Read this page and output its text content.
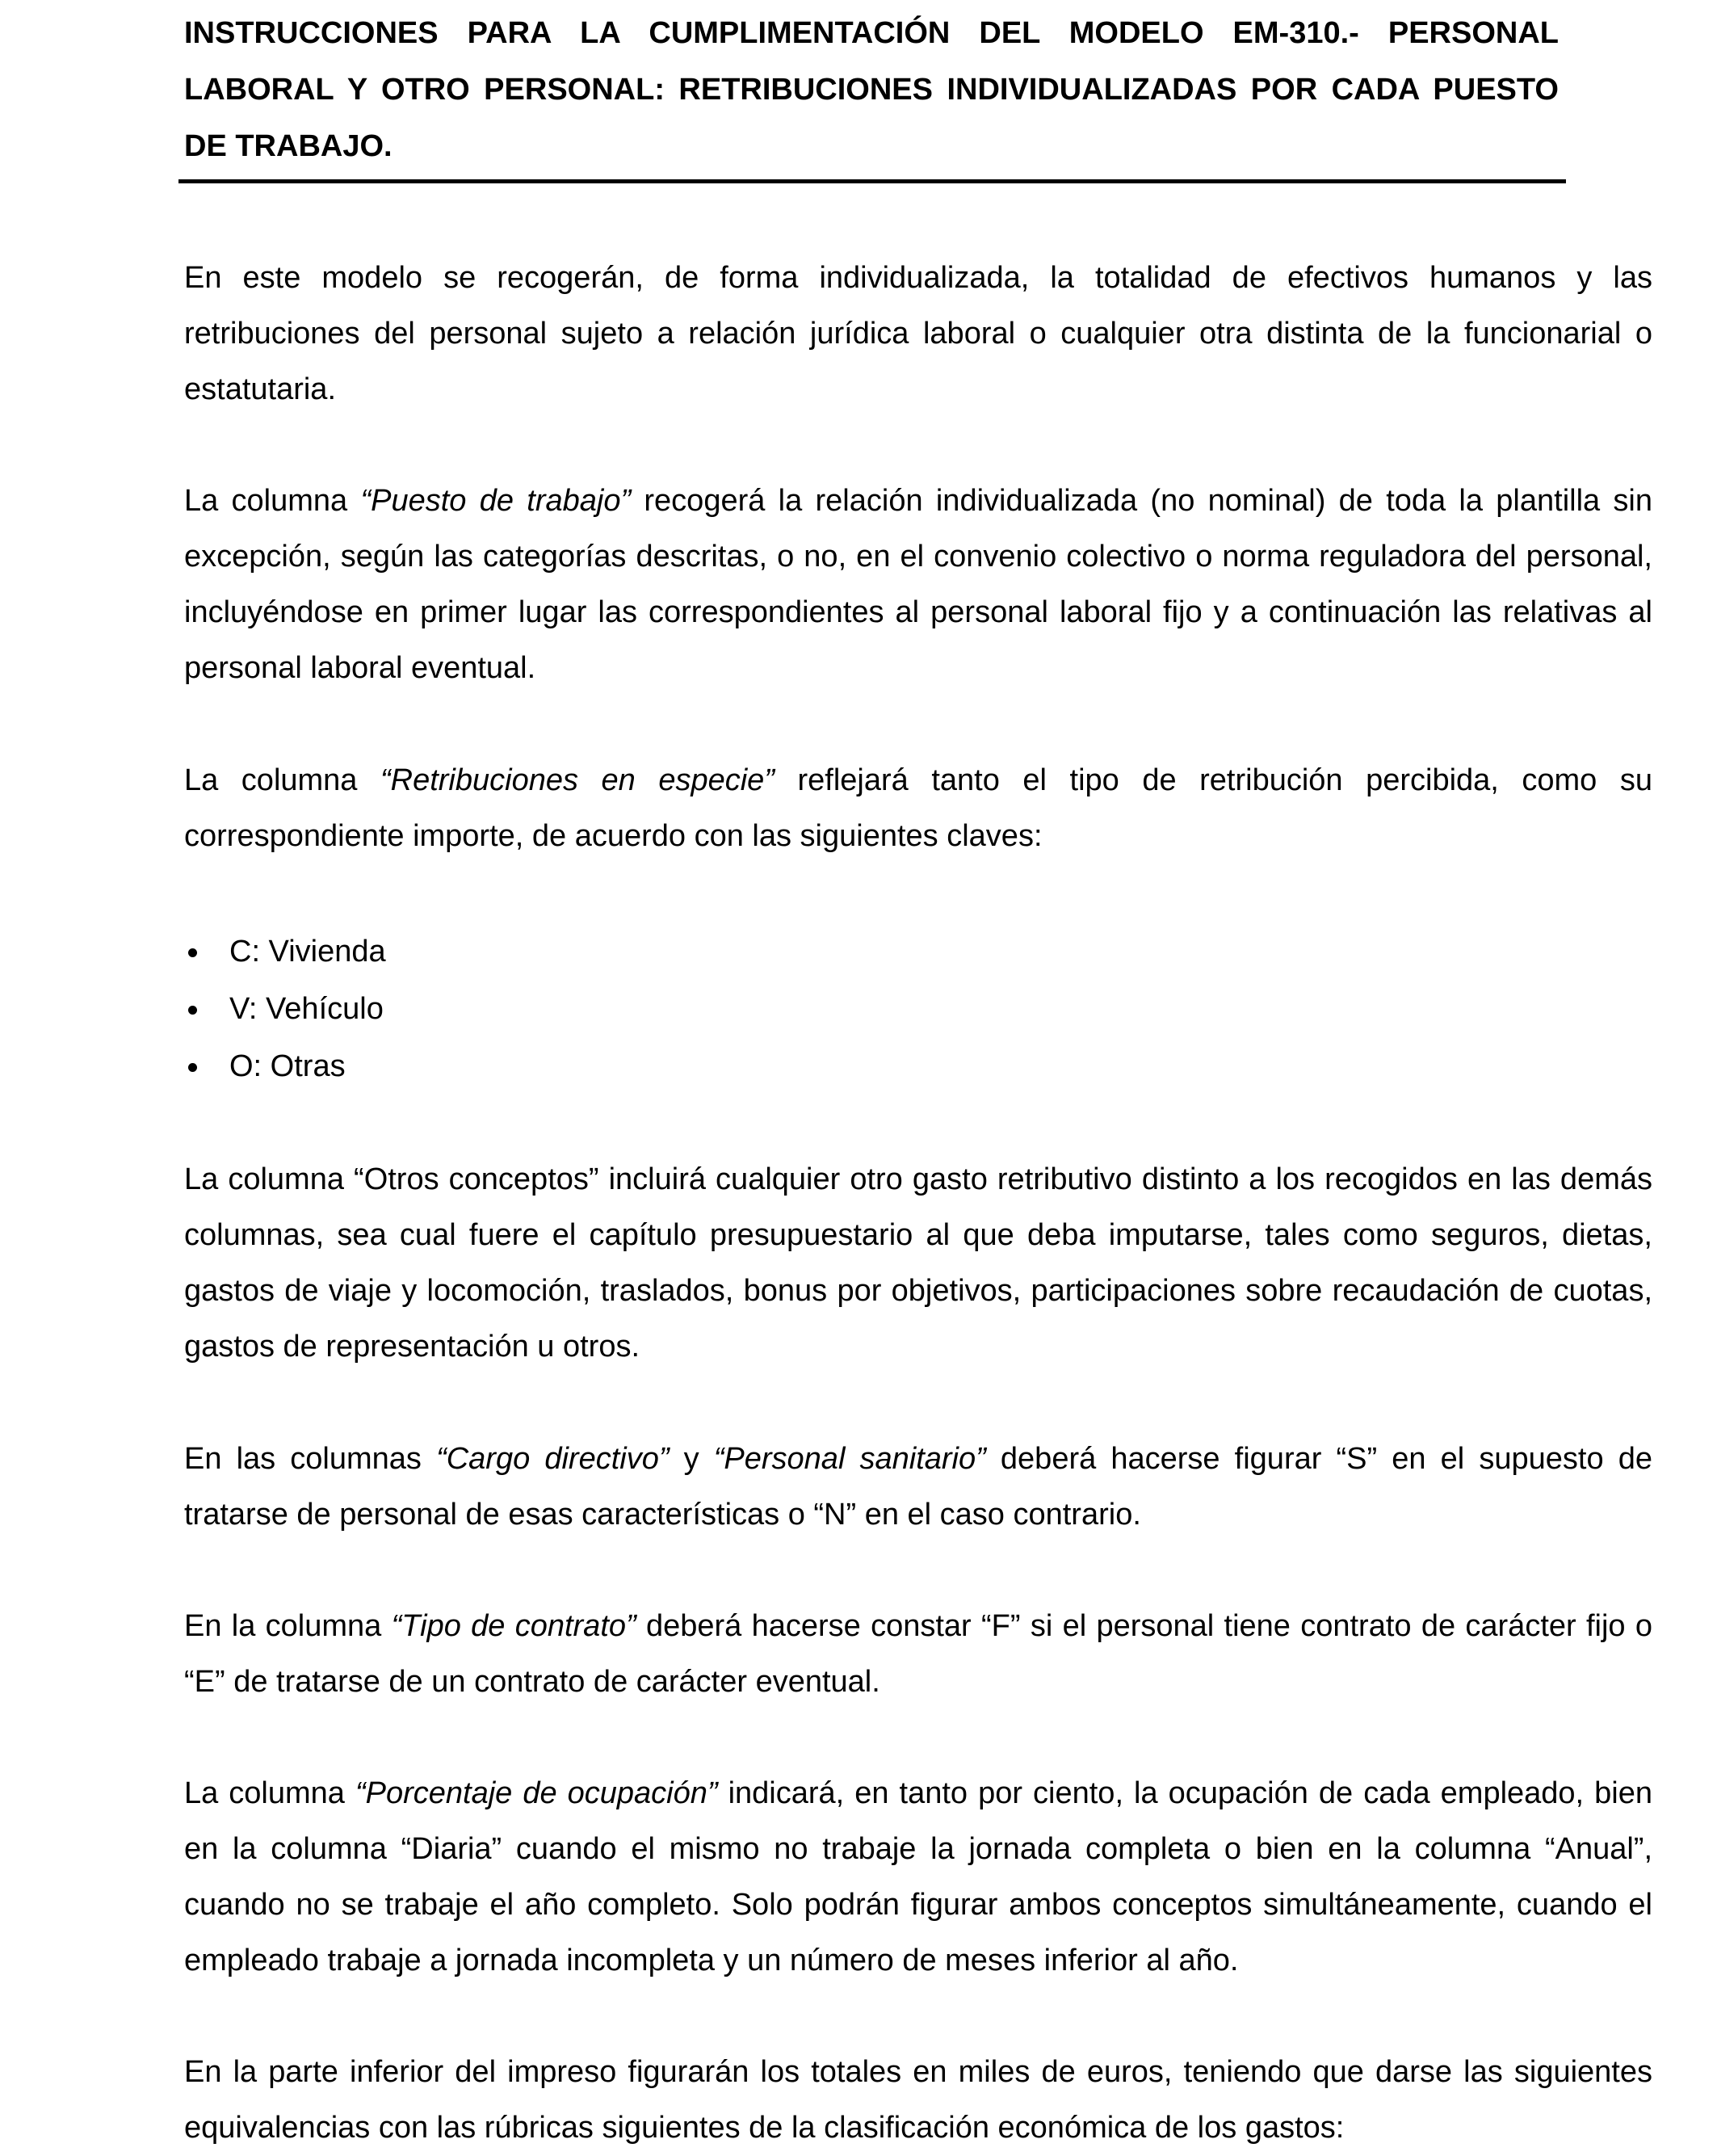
INSTRUCCIONES PARA LA CUMPLIMENTACIÓN DEL MODELO EM-310.- PERSONAL LABORAL Y OTRO PERSONAL: RETRIBUCIONES INDIVIDUALIZADAS POR CADA PUESTO DE TRABAJO.

En este modelo se recogerán, de forma individualizada, la totalidad de efectivos humanos y las retribuciones del personal sujeto a relación jurídica laboral o cualquier otra distinta de la funcionarial o estatutaria.

La columna “Puesto de trabajo” recogerá la relación individualizada (no nominal) de toda la plantilla sin excepción, según las categorías descritas, o no, en el convenio colectivo o norma reguladora del personal, incluyéndose en primer lugar las correspondientes al personal laboral fijo y a continuación las relativas al personal laboral eventual.

La columna “Retribuciones en especie” reflejará tanto el tipo de retribución percibida, como su correspondiente importe, de acuerdo con las siguientes claves:

C: Vivienda
V: Vehículo
O: Otras

La columna “Otros conceptos” incluirá cualquier otro gasto retributivo distinto a los recogidos en las demás columnas, sea cual fuere el capítulo presupuestario al que deba imputarse, tales como seguros, dietas, gastos de viaje y locomoción, traslados, bonus por objetivos, participaciones sobre recaudación de cuotas, gastos de representación u otros.

En las columnas “Cargo directivo” y “Personal sanitario” deberá hacerse figurar “S” en el supuesto de tratarse de personal de esas características o “N” en el caso contrario.

En la columna “Tipo de contrato” deberá hacerse constar “F” si el personal tiene contrato de carácter fijo o “E” de tratarse de un contrato de carácter eventual.

La columna “Porcentaje de ocupación” indicará, en tanto por ciento, la ocupación de cada empleado, bien en la columna “Diaria” cuando el mismo no trabaje la jornada completa o bien en la columna “Anual”, cuando no se trabaje el año completo. Solo podrán figurar ambos conceptos simultáneamente, cuando el empleado trabaje a jornada incompleta y un número de meses inferior al año.

En la parte inferior del impreso figurarán los totales en miles de euros, teniendo que darse las siguientes equivalencias con las rúbricas siguientes de la clasificación económica de los gastos:
